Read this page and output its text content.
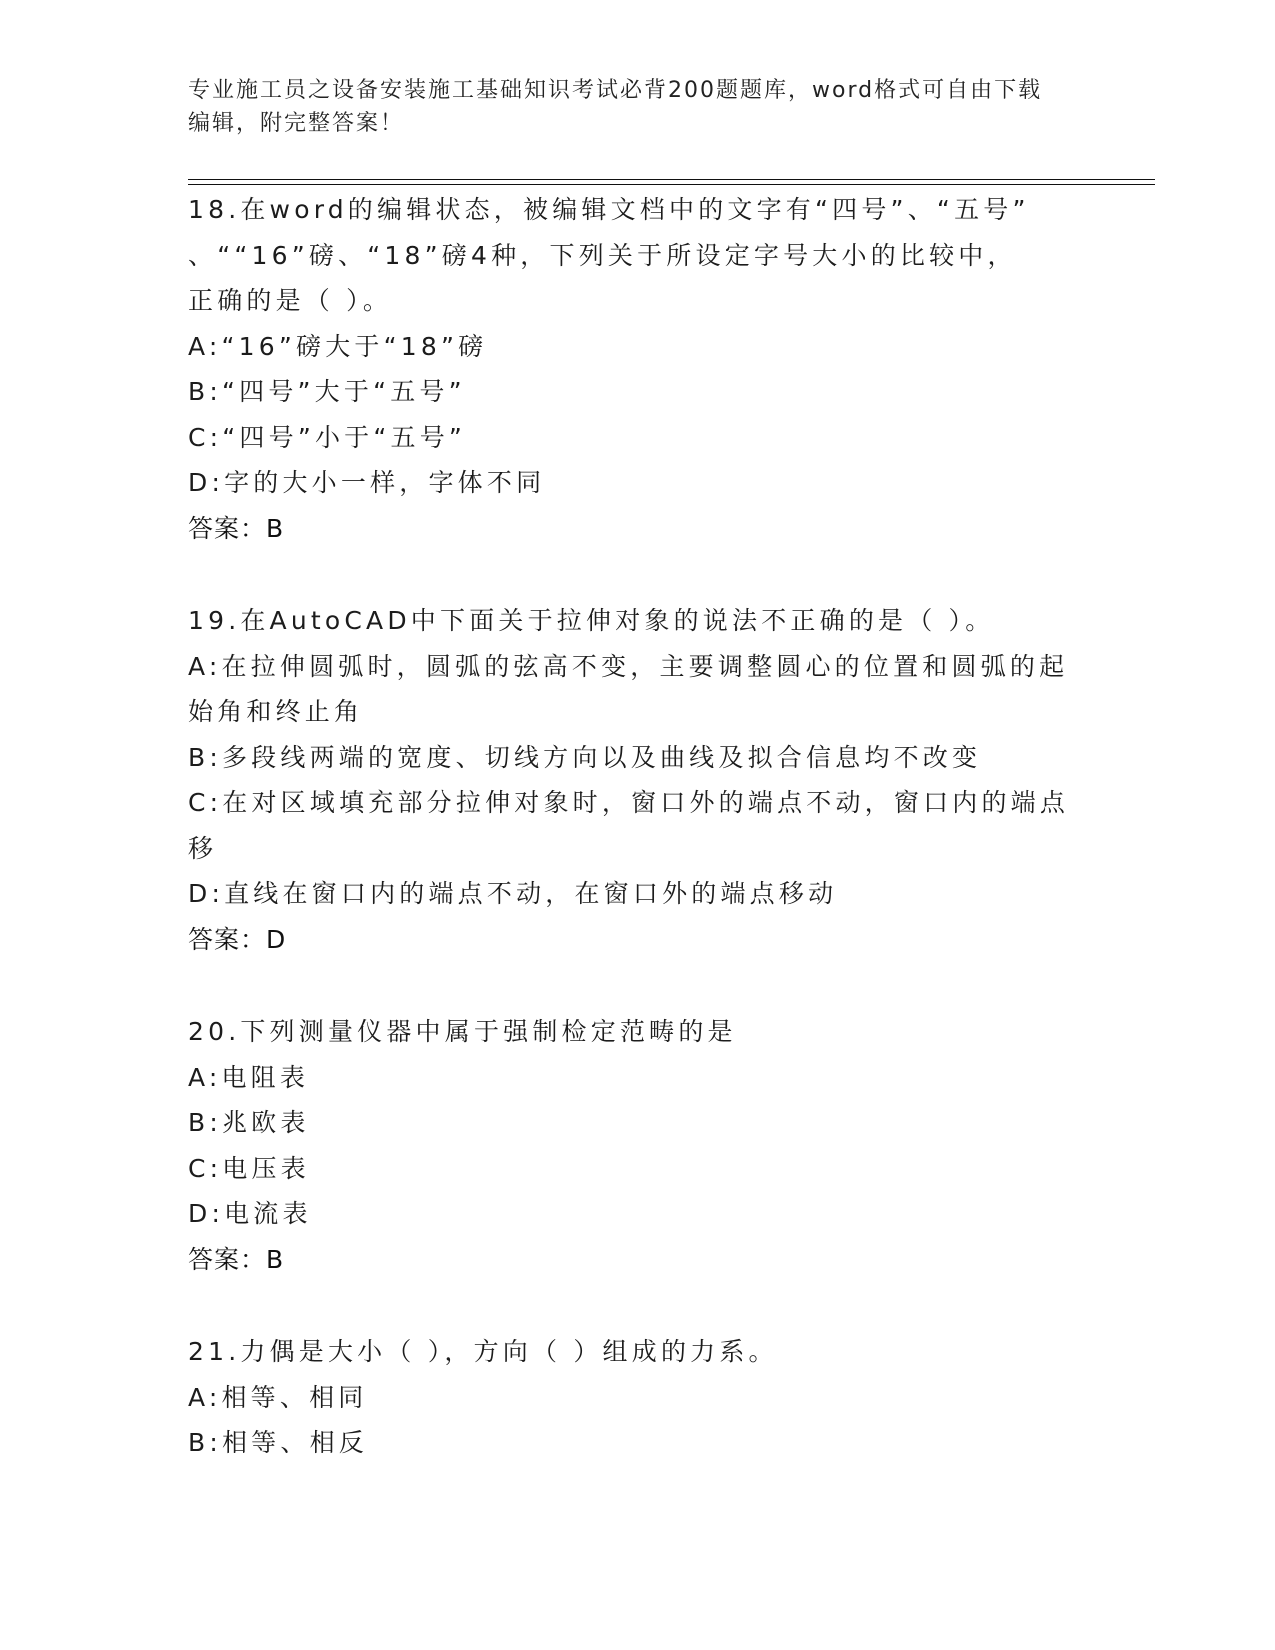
专业施工员之设备安装施工基础知识考试必背200题题库，word格式可自由下载
编辑，附完整答案！
18.在word的编辑状态，被编辑文档中的文字有“四号”、“五号”
、““16”磅、“18”磅4种，下列关于所设定字号大小的比较中，
正确的是（ ）。
A:“16”磅大于“18”磅
B:“四号”大于“五号”
C:“四号”小于“五号”
D:字的大小一样，字体不同
答案：B
19.在AutoCAD中下面关于拉伸对象的说法不正确的是（ ）。
A:在拉伸圆弧时，圆弧的弦高不变，主要调整圆心的位置和圆弧的起
始角和终止角
B:多段线两端的宽度、切线方向以及曲线及拟合信息均不改变
C:在对区域填充部分拉伸对象时，窗口外的端点不动，窗口内的端点
移
D:直线在窗口内的端点不动，在窗口外的端点移动
答案：D
20.下列测量仪器中属于强制检定范畴的是
A:电阻表
B:兆欧表
C:电压表
D:电流表
答案：B
21.力偶是大小（ ），方向（ ）组成的力系。
A:相等、相同
B:相等、相反
